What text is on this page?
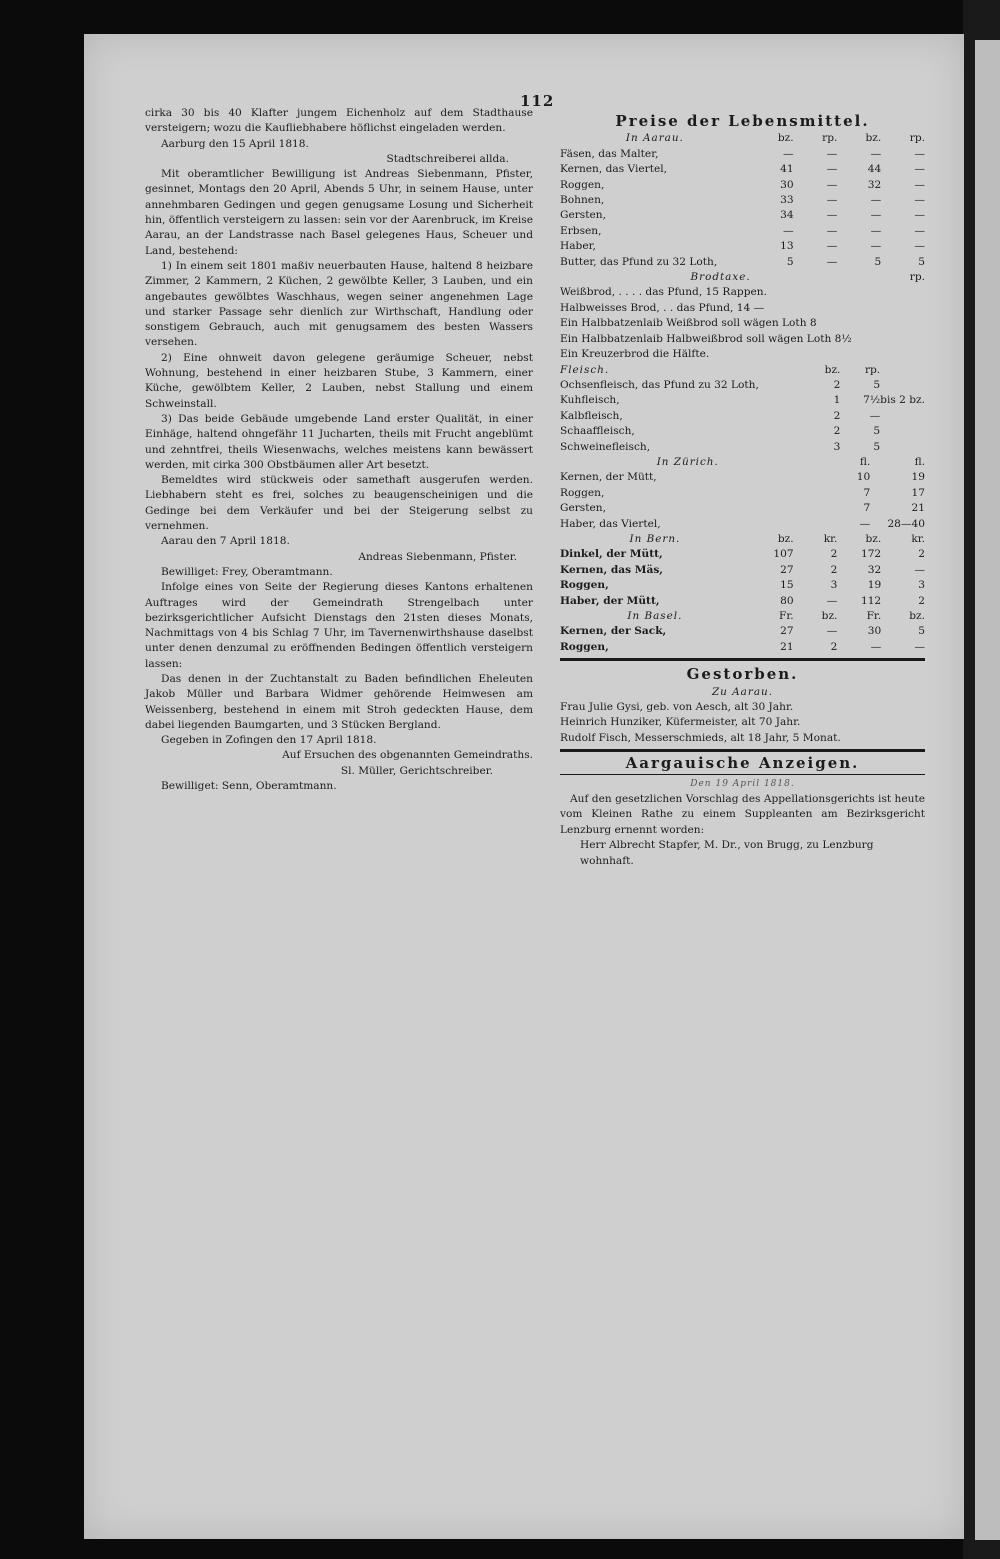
112

cirka 30 bis 40 Klafter jungem Eichenholz auf dem Stadthause versteigern; wozu die Kaufliebhabere höflichst eingeladen werden.

Aarburg den 15 April 1818.

Stadtschreiberei allda.

Mit oberamtlicher Bewilligung ist Andreas Siebenmann, Pfister, gesinnet, Montags den 20 April, Abends 5 Uhr, in seinem Hause, unter annehmbaren Gedingen und gegen genugsame Losung und Sicherheit hin, öffentlich versteigern zu lassen: sein vor der Aarenbruck, im Kreise Aarau, an der Landstrasse nach Basel gelegenes Haus, Scheuer und Land, bestehend:

1) In einem seit 1801 maßiv neuerbauten Hause, haltend 8 heizbare Zimmer, 2 Kammern, 2 Küchen, 2 gewölbte Keller, 3 Lauben, und ein angebautes gewölbtes Waschhaus, wegen seiner angenehmen Lage und starker Passage sehr dienlich zur Wirthschaft, Handlung oder sonstigem Gebrauch, auch mit genugsamem des besten Wassers versehen.

2) Eine ohnweit davon gelegene geräumige Scheuer, nebst Wohnung, bestehend in einer heizbaren Stube, 3 Kammern, einer Küche, gewölbtem Keller, 2 Lauben, nebst Stallung und einem Schweinstall.

3) Das beide Gebäude umgebende Land erster Qualität, in einer Einhäge, haltend ohngefähr 11 Jucharten, theils mit Frucht angeblümt und zehntfrei, theils Wiesenwachs, welches meistens kann bewässert werden, mit cirka 300 Obstbäumen aller Art besetzt.

Bemeldtes wird stückweis oder samethaft ausgerufen werden. Liebhabern steht es frei, solches zu beaugenscheinigen und die Gedinge bei dem Verkäufer und bei der Steigerung selbst zu vernehmen.

Aarau den 7 April 1818.

Andreas Siebenmann, Pfister.

Bewilliget: Frey, Oberamtmann.

Infolge eines von Seite der Regierung dieses Kantons erhaltenen Auftrages wird der Gemeindrath Strengelbach unter bezirksgerichtlicher Aufsicht Dienstags den 21sten dieses Monats, Nachmittags von 4 bis Schlag 7 Uhr, im Tavernenwirthshause daselbst unter denen denzumal zu eröffnenden Bedingen öffentlich versteigern lassen:

Das denen in der Zuchtanstalt zu Baden befindlichen Eheleuten Jakob Müller und Barbara Widmer gehörende Heimwesen am Weissenberg, bestehend in einem mit Stroh gedeckten Hause, dem dabei liegenden Baumgarten, und 3 Stücken Bergland.

Gegeben in Zofingen den 17 April 1818.

Auf Ersuchen des obgenannten Gemeindraths.

Sl. Müller, Gerichtschreiber.

Bewilliget: Senn, Oberamtmann.

Preise der Lebensmittel.
In Aarau.	bz.	rp.	bz.	rp.
Fäsen, das Malter,	—	—	—	—
Kernen, das Viertel,	41	—	44	—
Roggen,	30	—	32	—
Bohnen,	33	—	—	—
Gersten,	34	—	—	—
Erbsen,	—	—	—	—
Haber,	13	—	—	—
Butter, das Pfund zu 32 Loth,	5	—	5	5
Brodtaxe.	rp.

Weißbrod, . . . . das Pfund, 15 Rappen.

Halbweisses Brod, . . das Pfund, 14 —

Ein Halbbatzenlaib Weißbrod soll wägen Loth 8

Ein Halbbatzenlaib Halbweißbrod soll wägen Loth 8½

Ein Kreuzerbrod die Hälfte.

Fleisch.	bz.	rp.	
Ochsenfleisch, das Pfund zu 32 Loth,	2	5	
Kuhfleisch,	1	7½	bis 2 bz.
Kalbfleisch,	2	—	
Schaaffleisch,	2	5	
Schweinefleisch,	3	5	
In Zürich.	fl.	fl.
Kernen, der Mütt,	10	19
Roggen,	7	17
Gersten,	7	21
Haber, das Viertel,	—	28—40
In Bern.	bz.	kr.	bz.	kr.
Dinkel, der Mütt,	107	2	172	2
Kernen, das Mäs,	27	2	32	—
Roggen,	15	3	19	3
Haber, der Mütt,	80	—	112	2
In Basel.	Fr.	bz.	Fr.	bz.
Kernen, der Sack,	27	—	30	5
Roggen,	21	2	—	—
Gestorben.
Zu Aarau.

Frau Julie Gysi, geb. von Aesch, alt 30 Jahr.

Heinrich Hunziker, Küfermeister, alt 70 Jahr.

Rudolf Fisch, Messerschmieds, alt 18 Jahr, 5 Monat.

Aargauische Anzeigen.
Den 19 April 1818.

Auf den gesetzlichen Vorschlag des Appellationsgerichts ist heute vom Kleinen Rathe zu einem Suppleanten am Bezirksgericht Lenzburg ernennt worden:

Herr Albrecht Stapfer, M. Dr., von Brugg, zu Lenzburg wohnhaft.
